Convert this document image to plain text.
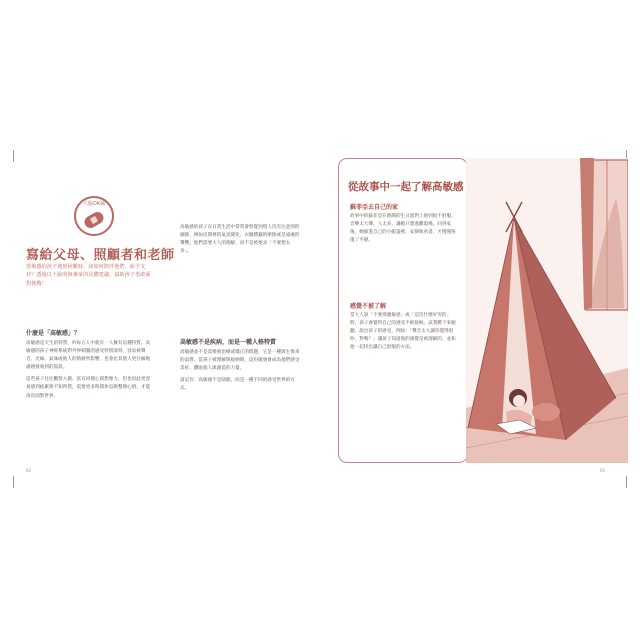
大腦OK繃
寫給父母、照顧者和老師
當敏感的孩子遇到困難時，該如何陪伴他們、給予支持？透過以下說明與專家的具體建議，協助孩子勇敢面對挑戰！
什麼是「高敏感」？

高敏感是天生的特質，約每五人中就有一人擁有這種特質。高敏感的孩子神經系統對外界刺激的感受特別深刻，容易被聲音、光線、氣味或他人的情緒所影響，也會比其他人更仔細地處理接收到的資訊。

這些孩子往往觀察入微、富有同理心與想像力，但也因此更容易感到疲累與不知所措，需要更多時間休息與整理心情，才能再次面對世界。

高敏感的孩子在日常生活中常常會察覺到別人沒有注意到的細節，例如房間裡的氣氛變化、衣服標籤的摩擦或是遠處的聲響。他們需要大人的理解，而不是被要求「不要想太多」。

高敏感不是疾病，而是一種人格特質

高敏感並不是需要被治療或矯正的問題，它是一種與生俱來的氣質。當孩子被理解與接納時，這份敏感會成為他們感受美好、體貼他人與創造的力量。

請記住：高敏感不是缺點，而是一種不同的感受世界的方式。

92
從故事中一起了解高敏感
蘇菲亞去自己的家
故事中的蘇菲亞在熱鬧的生日派對上感到很不舒服，音樂太大聲、人太多，讓她只想逃離現場。回到家後，她躲進自己的小帳篷裡，安靜地看書，才慢慢恢復了平靜。
感覺不被了解
當大人說「不要那麼敏感」或「這沒什麼好哭的」時，孩子會覺得自己的感受不被接納。試著蹲下來傾聽，說出孩子的感受，例如：「聲音太大讓你覺得很吵，對嗎？」讓孩子知道他的感覺是被理解的，並和他一起找出讓自己舒服的方法。
93
